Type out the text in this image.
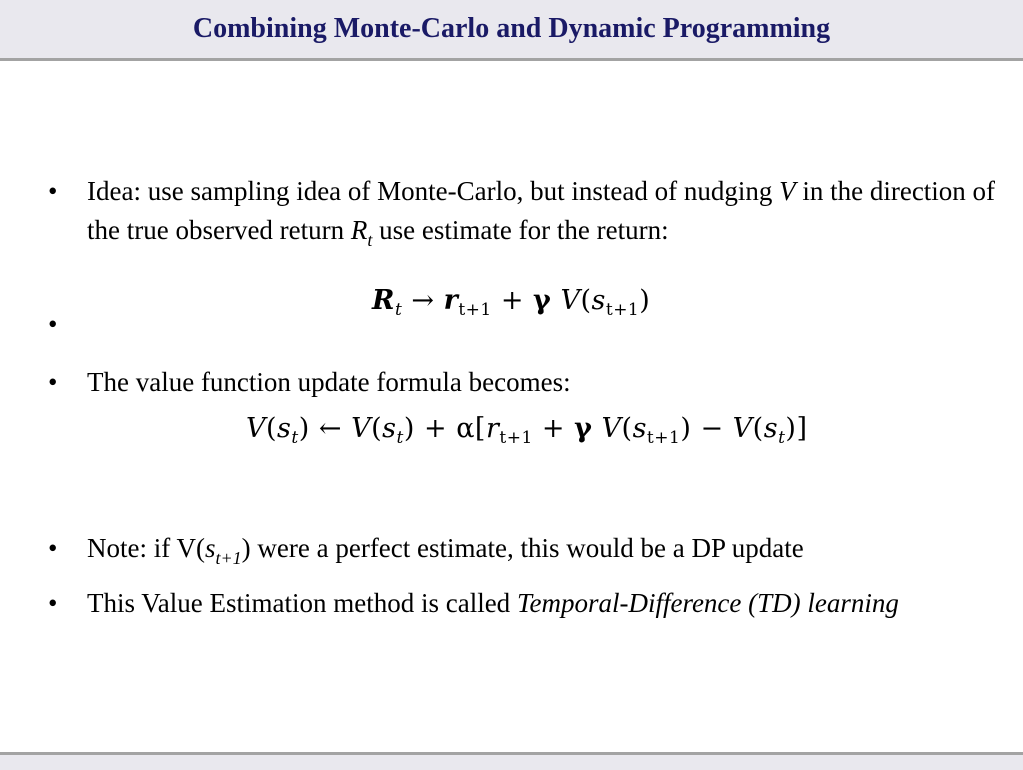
Combining Monte-Carlo and Dynamic Programming
• Idea: use sampling idea of Monte-Carlo, but instead of nudging V in the direction of the true observed return $R_t$ use estimate for the return:
$R_t \to r_{t+1} + \gamma$ $V(s_{t+1})$
•
• The value function update formula becomes:
$V(s_t)$ ← $V(s_t) + \alpha[r_{t+1} + \gamma$ $V(s_{t+1}) - V(s_t)$]
• Note: if $V(s_{t+1})$ were a perfect estimate, this would be a DP update
• This Value Estimation method is called Temporal-Difference (TD) learning
